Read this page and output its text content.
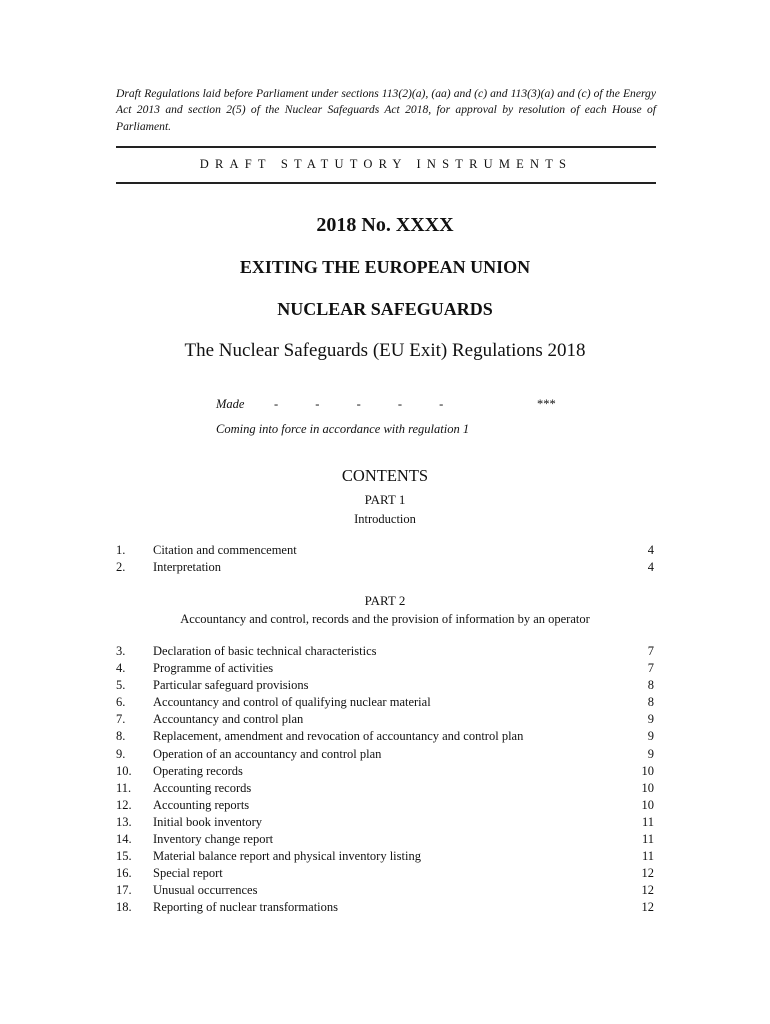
Draft Regulations laid before Parliament under sections 113(2)(a), (aa) and (c) and 113(3)(a) and (c) of the Energy Act 2013 and section 2(5) of the Nuclear Safeguards Act 2018, for approval by resolution of each House of Parliament.
DRAFT STATUTORY INSTRUMENTS
2018 No. XXXX
EXITING THE EUROPEAN UNION
NUCLEAR SAFEGUARDS
The Nuclear Safeguards (EU Exit) Regulations 2018
Made - - - - -	***
Coming into force in accordance with regulation 1
CONTENTS
PART 1
Introduction
1.	Citation and commencement	4
2.	Interpretation	4
PART 2
Accountancy and control, records and the provision of information by an operator
3.	Declaration of basic technical characteristics	7
4.	Programme of activities	7
5.	Particular safeguard provisions	8
6.	Accountancy and control of qualifying nuclear material	8
7.	Accountancy and control plan	9
8.	Replacement, amendment and revocation of accountancy and control plan	9
9.	Operation of an accountancy and control plan	9
10.	Operating records	10
11.	Accounting records	10
12.	Accounting reports	10
13.	Initial book inventory	11
14.	Inventory change report	11
15.	Material balance report and physical inventory listing	11
16.	Special report	12
17.	Unusual occurrences	12
18.	Reporting of nuclear transformations	12
